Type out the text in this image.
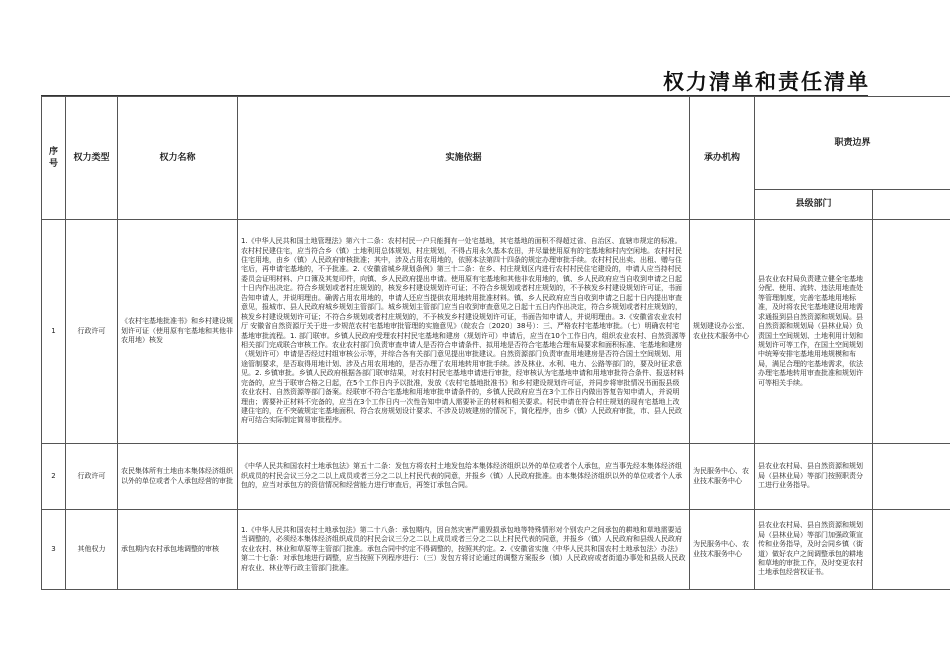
权力清单和责任清单
序号	权力类型	权力名称	实施依据	承办机构	职责边界	
					县级部门	
1	行政许可	《农村宅基地批准书》和乡村建设规划许可证（使用原有宅基地和其他非农用地）核发	1.《中华人民共和国土地管理法》第六十二条：农村村民一户只能拥有一处宅基地，其宅基地的面积不得超过省、自治区、直辖市规定的标准。农村村民建住宅，应当符合乡（镇）土地利用总体规划、村庄规划，不得占用永久基本农田，并尽量使用原有的宅基地和村内空闲地。农村村民住宅用地，由乡（镇）人民政府审核批准；其中，涉及占用农用地的，依照本法第四十四条的规定办理审批手续。农村村民出卖、出租、赠与住宅后，再申请宅基地的，不予批准。2.《安徽省城乡规划条例》第三十二条：在乡、村庄规划区内进行农村村民住宅建设的，申请人应当持村民委员会证明材料、户口簿及其复印件，向镇、乡人民政府提出申请。使用原有宅基地和其他非农用地的，镇、乡人民政府应当自收到申请之日起十日内作出决定。符合乡规划或者村庄规划的，核发乡村建设规划许可证；不符合乡规划或者村庄规划的，不予核发乡村建设规划许可证，书面告知申请人，并说明理由。确需占用农用地的，申请人还应当提供农用地转用批准材料。镇、乡人民政府应当自收到申请之日起十日内提出审查意见，报城市、县人民政府城乡规划主管部门。城乡规划主管部门应当自收到审查意见之日起十五日内作出决定，符合乡规划或者村庄规划的，核发乡村建设规划许可证；不符合乡规划或者村庄规划的，不予核发乡村建设规划许可证，书面告知申请人，并说明理由。3.《安徽省农业农村厅 安徽省自然资源厅关于进一步规范农村宅基地审批管理的实施意见》（皖农合〔2020〕38号）：三、严格农村宅基地审批。（七）明确农村宅基地审批流程。1. 部门联审。乡镇人民政府受理农村村民宅基地和建房（规划许可）申请后，应当在10个工作日内，组织农业农村、自然资源等相关部门完成联合审核工作。农业农村部门负责审查申请人是否符合申请条件、拟用地是否符合宅基地合理布局要求和面积标准、宅基地和建房（规划许可）申请是否经过村组审核公示等，并综合各有关部门意见提出审批建议。自然资源部门负责审查用地建房是否符合国土空间规划、用途管制要求，是否取得用地计划、涉及占用农用地的，是否办理了农用地转用审批手续。涉及林业、水利、电力、公路等部门的，要及时征求意见。2. 乡镇审批。乡镇人民政府根据各部门联审结果，对农村村民宅基地申请进行审批，经审核认为宅基地申请和用地审批符合条件、报送材料完备的，应当于联审合格之日起，在5个工作日内予以批准，发放《农村宅基地批准书》和乡村建设规划许可证，并同步将审批情况书面报县级农业农村、自然资源等部门备案。经联审不符合宅基地和用地审批申请条件的，乡镇人民政府应当在3个工作日内做出答复告知申请人，并说明理由；需要补正材料不完备的，应当在3个工作日内一次性告知申请人需要补正的材料和相关要求。村民申请在符合村庄规划的现有宅基地上改建住宅的，在不突破规定宅基地面积、符合农房规划设计要求、不涉及切坡建房的情况下，简化程序，由乡（镇）人民政府审批，市、县人民政府可结合实际制定简易审批程序。	规划建设办公室、农业技术服务中心	县农业农村局负责建立健全宅基地分配、使用、流转、违法用地查处等管理制度，完善宅基地用地标准，及时将农民宅基地建设用地需求通报到县自然资源和规划局。县自然资源和规划局（县林业局）负责国土空间规划、土地利用计划和规划许可等工作，在国土空间规划中统筹安排宅基地用地规模和布局，满足合理的宅基地需求，依法办理宅基地转用审查批准和规划许可等相关手续。	
2	行政许可	农民集体所有土地由本集体经济组织以外的单位或者个人承包经营的审批	《中华人民共和国农村土地承包法》第五十二条：发包方将农村土地发包给本集体经济组织以外的单位或者个人承包，应当事先经本集体经济组织成员的村民会议三分之二以上成员或者三分之二以上村民代表的同意，并报乡（镇）人民政府批准。由本集体经济组织以外的单位或者个人承包的，应当对承包方的资信情况和经营能力进行审查后，再签订承包合同。	为民服务中心、农业技术服务中心	县农业农村局、县自然资源和规划局（县林业局）等部门按照职责分工进行业务指导。	
3	其他权力	承包期内农村承包地调整的审核	1.《中华人民共和国农村土地承包法》第二十八条：承包期内，因自然灾害严重毁损承包地等特殊情形对个别农户之间承包的耕地和草地需要适当调整的，必须经本集体经济组织成员的村民会议三分之二以上成员或者三分之二以上村民代表的同意，并报乡（镇）人民政府和县级人民政府农业农村、林业和草原等主管部门批准。承包合同中约定不得调整的，按照其约定。2.《安徽省实施〈中华人民共和国农村土地承包法〉办法》第二十七条：对承包地进行调整，应当按照下列程序进行：（三）发包方将讨论通过的调整方案报乡（镇）人民政府或者街道办事处和县级人民政府农业、林业等行政主管部门批准。	为民服务中心、农业技术服务中心	县农业农村局、县自然资源和规划局（县林业局）等部门加强政策宣传和业务指导，及时会同乡镇（街道）做好农户之间调整承包的耕地和草地的审批工作，及时变更农村土地承包经营权证书。	
